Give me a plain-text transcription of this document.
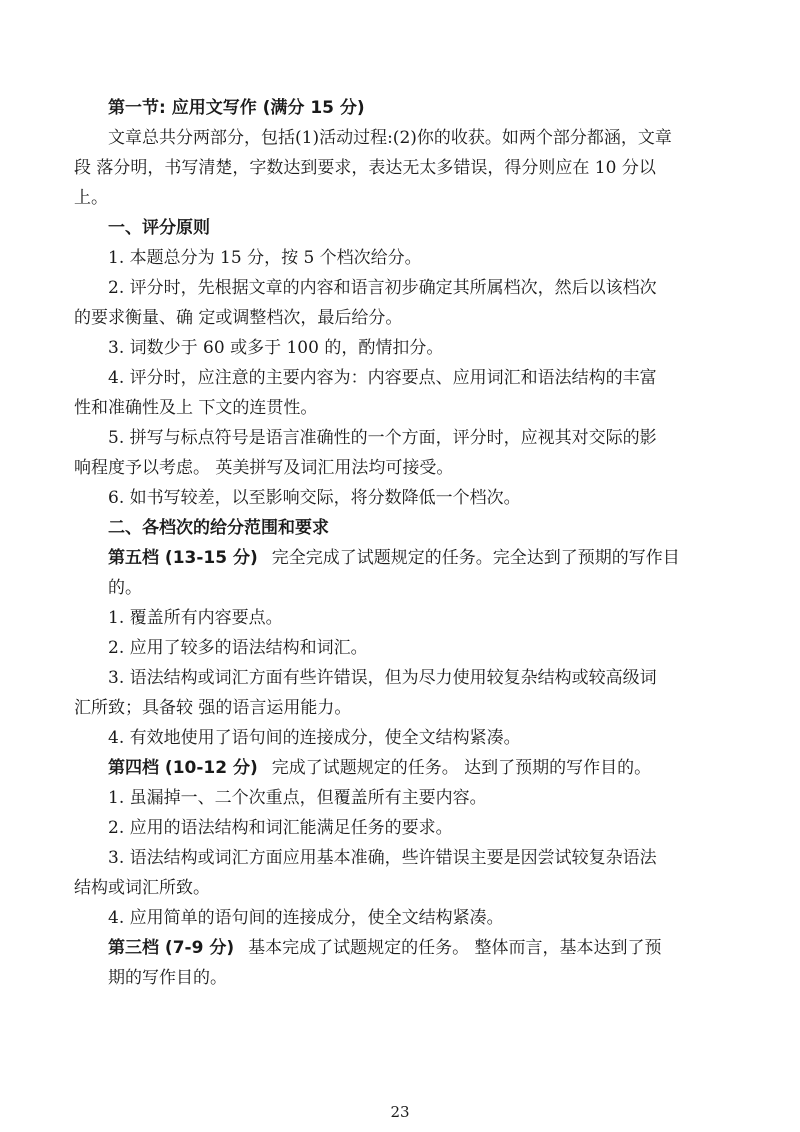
第一节: 应用文写作 (满分 15 分)
文章总共分两部分，包括(1)活动过程:(2)你的收获。如两个部分都涵，文章
段 落分明，书写清楚，字数达到要求，表达无太多错误，得分则应在 10 分以
上。
一、评分原则
1. 本题总分为 15 分，按 5 个档次给分。
2. 评分时，先根据文章的内容和语言初步确定其所属档次，然后以该档次
的要求衡量、确 定或调整档次，最后给分。
3. 词数少于 60 或多于 100 的，酌情扣分。
4. 评分时，应注意的主要内容为：内容要点、应用词汇和语法结构的丰富
性和准确性及上 下文的连贯性。
5. 拼写与标点符号是语言准确性的一个方面，评分时，应视其对交际的影
响程度予以考虑。 英美拼写及词汇用法均可接受。
6. 如书写较差，以至影响交际，将分数降低一个档次。
二、各档次的给分范围和要求
第五档 (13-15 分) 完全完成了试题规定的任务。完全达到了预期的写作目
的。
1. 覆盖所有内容要点。
2. 应用了较多的语法结构和词汇。
3. 语法结构或词汇方面有些许错误，但为尽力使用较复杂结构或较高级词
汇所致；具备较 强的语言运用能力。
4. 有效地使用了语句间的连接成分，使全文结构紧凑。
第四档 (10-12 分) 完成了试题规定的任务。 达到了预期的写作目的。
1. 虽漏掉一、二个次重点，但覆盖所有主要内容。
2. 应用的语法结构和词汇能满足任务的要求。
3. 语法结构或词汇方面应用基本准确，些许错误主要是因尝试较复杂语法
结构或词汇所致。
4. 应用简单的语句间的连接成分，使全文结构紧凑。
第三档 (7-9 分) 基本完成了试题规定的任务。 整体而言，基本达到了预
期的写作目的。
23
